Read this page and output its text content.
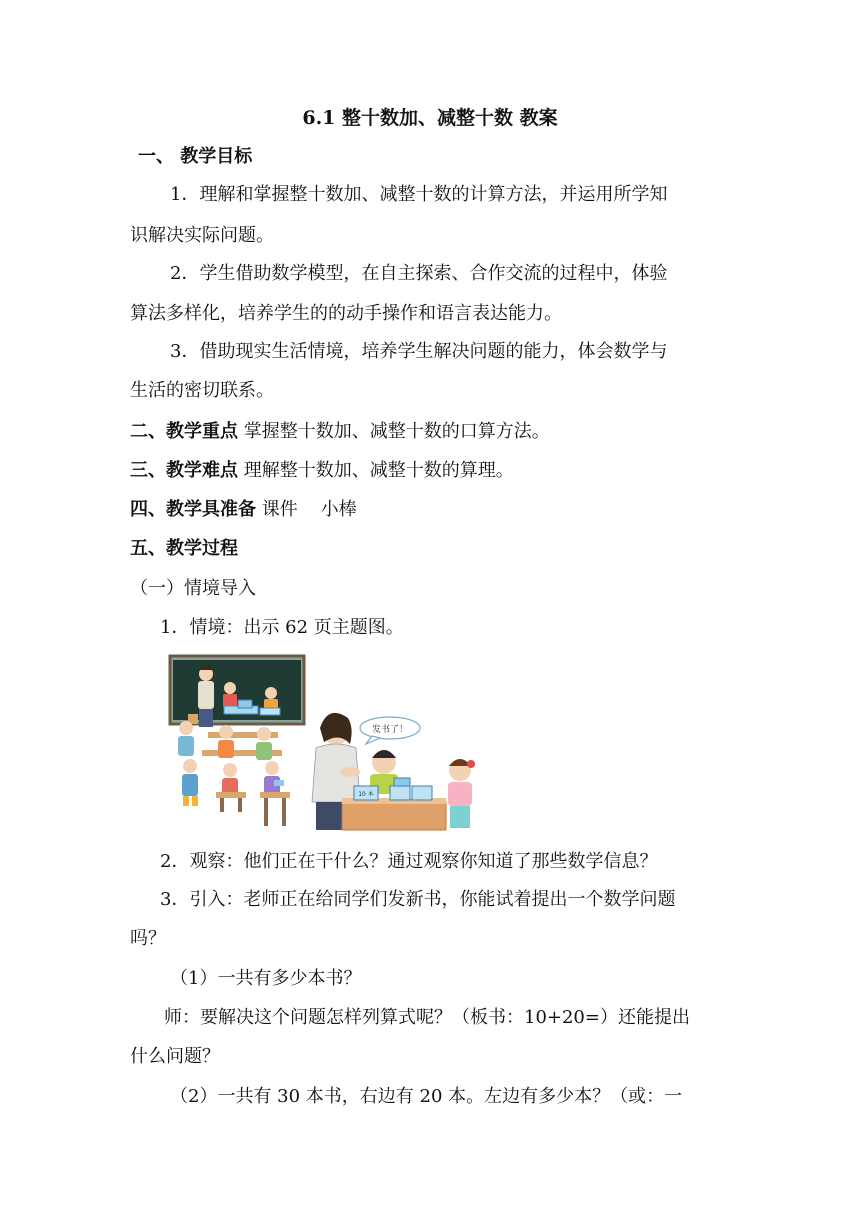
6.1 整十数加、减整十数 教案
一、 教学目标
1．理解和掌握整十数加、减整十数的计算方法，并运用所学知
识解决实际问题。
2．学生借助数学模型，在自主探索、合作交流的过程中，体验
算法多样化，培养学生的的动手操作和语言表达能力。
3．借助现实生活情境，培养学生解决问题的能力，体会数学与
生活的密切联系。
二、教学重点 掌握整十数加、减整十数的口算方法。
三、教学难点 理解整十数加、减整十数的算理。
四、教学具准备 课件    小棒
五、教学过程
（一）情境导入
1．情境：出示 62 页主题图。
发书了！
10 本
2．观察：他们正在干什么？通过观察你知道了那些数学信息？
3．引入：老师正在给同学们发新书，你能试着提出一个数学问题
吗？
（1）一共有多少本书？
师：要解决这个问题怎样列算式呢？（板书：10+20=）还能提出
什么问题？
（2）一共有 30 本书，右边有 20 本。左边有多少本？（或：一
